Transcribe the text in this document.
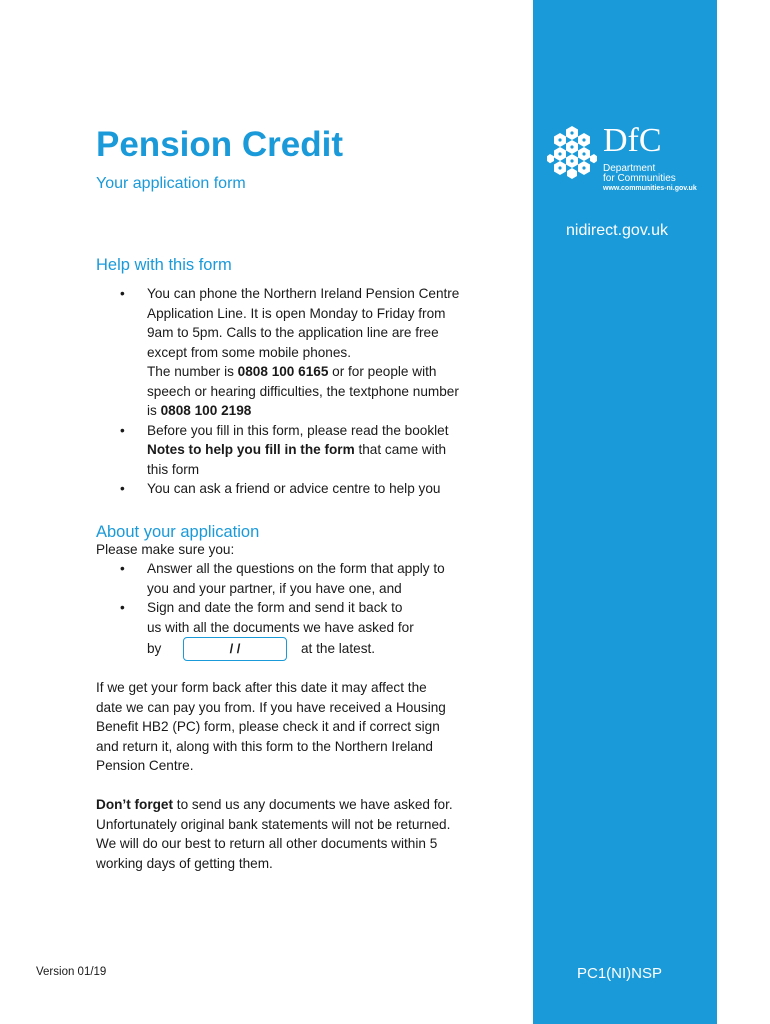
DfC
Department
for Communities
www.communities-ni.gov.uk
nidirect.gov.uk
PC1(NI)NSP
Pension Credit
Your application form
Help with this form
• You can phone the Northern Ireland Pension Centre
Application Line. It is open Monday to Friday from
9am to 5pm. Calls to the application line are free
except from some mobile phones.
The number is 0808 100 6165 or for people with
speech or hearing difficulties, the textphone number
is 0808 100 2198
• Before you fill in this form, please read the booklet
Notes to help you fill in the form that came with
this form
• You can ask a friend or advice centre to help you
About your application
Please make sure you:
• Answer all the questions on the form that apply to
you and your partner, if you have one, and
• Sign and date the form and send it back to
us with all the documents we have asked for
by	/ /	at the latest.
If we get your form back after this date it may affect the
date we can pay you from. If you have received a Housing
Benefit HB2 (PC) form, please check it and if correct sign
and return it, along with this form to the Northern Ireland
Pension Centre.
Don’t forget to send us any documents we have asked for.
Unfortunately original bank statements will not be returned.
We will do our best to return all other documents within 5
working days of getting them.
Version 01/19
